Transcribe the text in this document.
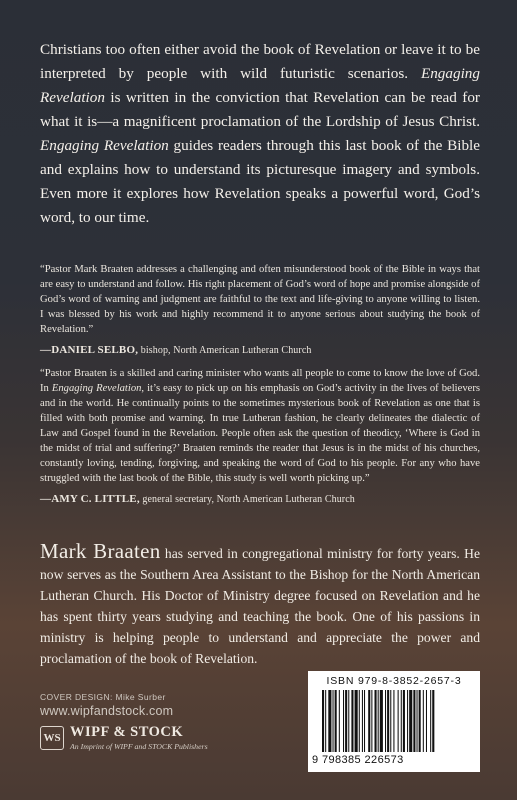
Christians too often either avoid the book of Revelation or leave it to be interpreted by people with wild futuristic scenarios. Engaging Revelation is written in the conviction that Revelation can be read for what it is—a magnificent proclamation of the Lordship of Jesus Christ. Engaging Revelation guides readers through this last book of the Bible and explains how to understand its picturesque imagery and symbols. Even more it explores how Revelation speaks a powerful word, God’s word, to our time.
“Pastor Mark Braaten addresses a challenging and often misunderstood book of the Bible in ways that are easy to understand and follow. His right placement of God’s word of hope and promise alongside of God’s word of warning and judgment are faithful to the text and life-giving to anyone willing to listen. I was blessed by his work and highly recommend it to anyone serious about studying the book of Revelation.”
—DANIEL SELBO, bishop, North American Lutheran Church
“Pastor Braaten is a skilled and caring minister who wants all people to come to know the love of God. In Engaging Revelation, it’s easy to pick up on his emphasis on God’s activity in the lives of believers and in the world. He continually points to the sometimes mysterious book of Revelation as one that is filled with both promise and warning. In true Lutheran fashion, he clearly delineates the dialectic of Law and Gospel found in the Revelation. People often ask the question of theodicy, ‘Where is God in the midst of trial and suffering?’ Braaten reminds the reader that Jesus is in the midst of his churches, constantly loving, tending, forgiving, and speaking the word of God to his people. For any who have struggled with the last book of the Bible, this study is well worth picking up.”
—AMY C. LITTLE, general secretary, North American Lutheran Church
Mark Braaten has served in congregational ministry for forty years. He now serves as the Southern Area Assistant to the Bishop for the North American Lutheran Church. His Doctor of Ministry degree focused on Revelation and he has spent thirty years studying and teaching the book. One of his passions in ministry is helping people to understand and appreciate the power and proclamation of the book of Revelation.
COVER DESIGN: Mike Surber
www.wipfandstock.com
WS WIPF & STOCK
An Imprint of WIPF and STOCK Publishers
ISBN 979-8-3852-2657-3
9 798385 226573
